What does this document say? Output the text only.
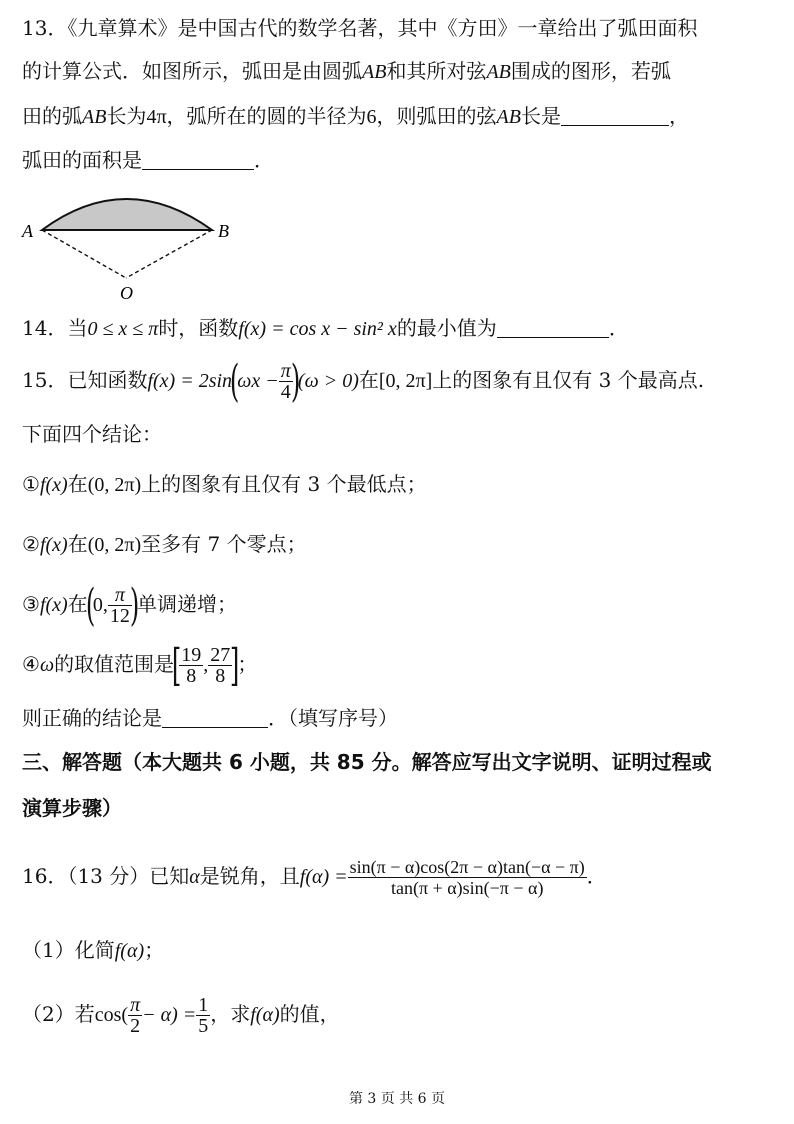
13．《九章算术》是中国古代的数学名著，其中《方田》一章给出了弧田面积
的计算公式．如图所示，弧田是由圆弧AB和其所对弦AB围成的图形，若弧
田的弧AB长为4π，弧所在的圆的半径为6，则弧田的弦AB长是	，
弧田的面积是	．
A	B
O
14．当0 ≤ x ≤ π时，函数f(x) = cos x − sin² x的最小值为	．
15．已知函数$f(x) = 2\sin(\omega x - \frac{\pi}{4}$
)(ω > 0)在[0, 2π]上的图象有且仅有 3 个最高点.
下面四个结论：
①f(x)在(0, 2π)上的图象有且仅有 3 个最低点；
②f(x)在(0, 2π)至多有 7 个零点；
③f(x)在(0, $\frac{\pi}{12}$
)单调递增；
④ω的取值范围是[
$\frac{19}{8}$ , $\frac{27}{8}$
]；
则正确的结论是	．（填写序号）
三、解答题（本大题共 6 小题，共 85 分。解答应写出文字说明、证明过程或
演算步骤）
16．（13 分）已知α是锐角，且$f(\alpha) = \frac{\sin(\pi - \alpha)\cos(2\pi - \alpha)\tan(-\alpha - \pi)}{\tan(\pi + \alpha)\sin(-\pi - \alpha)}$ ．
（1）化简f(α)；
（2）若$\cos( \frac{\pi}{2} - \alpha) = \frac{1}{5}$ ，求f(α)的值，
第 3 页 共 6 页
